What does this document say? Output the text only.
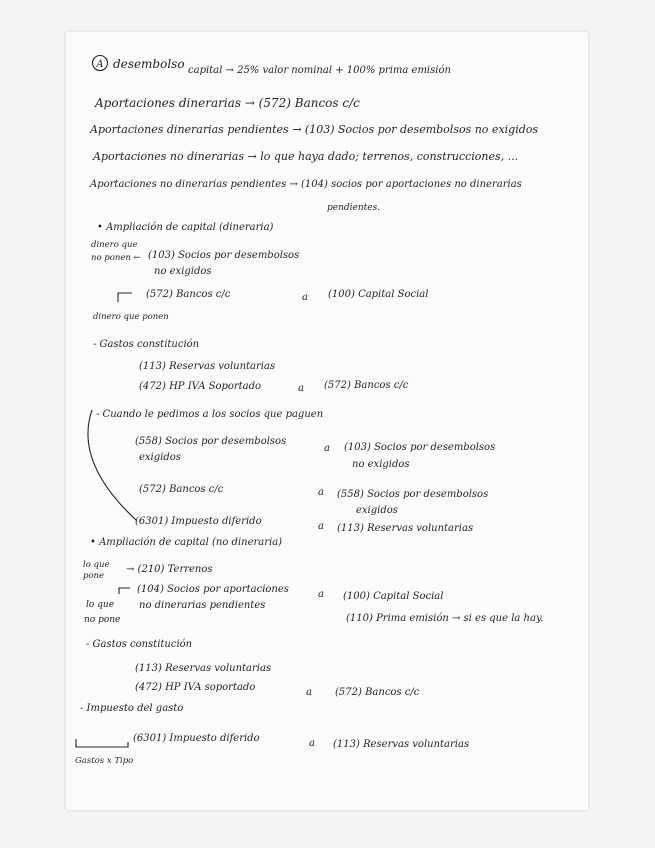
A desembolso capital → 25% valor nominal + 100% prima emisión
Aportaciones dinerarias → (572) Bancos c/c
Aportaciones dinerarias pendientes → (103) Socios por desembolsos no exigidos
Aportaciones no dinerarias → lo que haya dado; terrenos, construcciones, ...
Aportaciones no dinerarias pendientes → (104) socios por aportaciones no dinerarias
pendientes.
• Ampliación de capital (dineraria)
dinero que
no ponen ← (103) Socios por desembolsos
no exigidos
(572) Bancos c/c	a (100) Capital Social
dinero que ponen
- Gastos constitución
(113) Reservas voluntarias
(472) HP IVA Soportado	a (572) Bancos c/c
- Cuando le pedimos a los socios que paguen
(558) Socios por desembolsos
exigidos
a (103) Socios por desembolsos
no exigidos
(572) Bancos c/c	a (558) Socios por desembolsos
exigidos
(6301) Impuesto diferido	a (113) Reservas voluntarias
• Ampliación de capital (no dineraria)
lo que
pone
→ (210) Terrenos
(104) Socios por aportaciones
no dinerarias pendientes
a (100) Capital Social
lo que
no pone	(110) Prima emisión → si es que la hay.
- Gastos constitución
(113) Reservas voluntarias
(472) HP IVA soportado	a (572) Bancos c/c
- Impuesto del gasto
(6301) Impuesto diferido	a (113) Reservas voluntarias
Gastos x Tipo
